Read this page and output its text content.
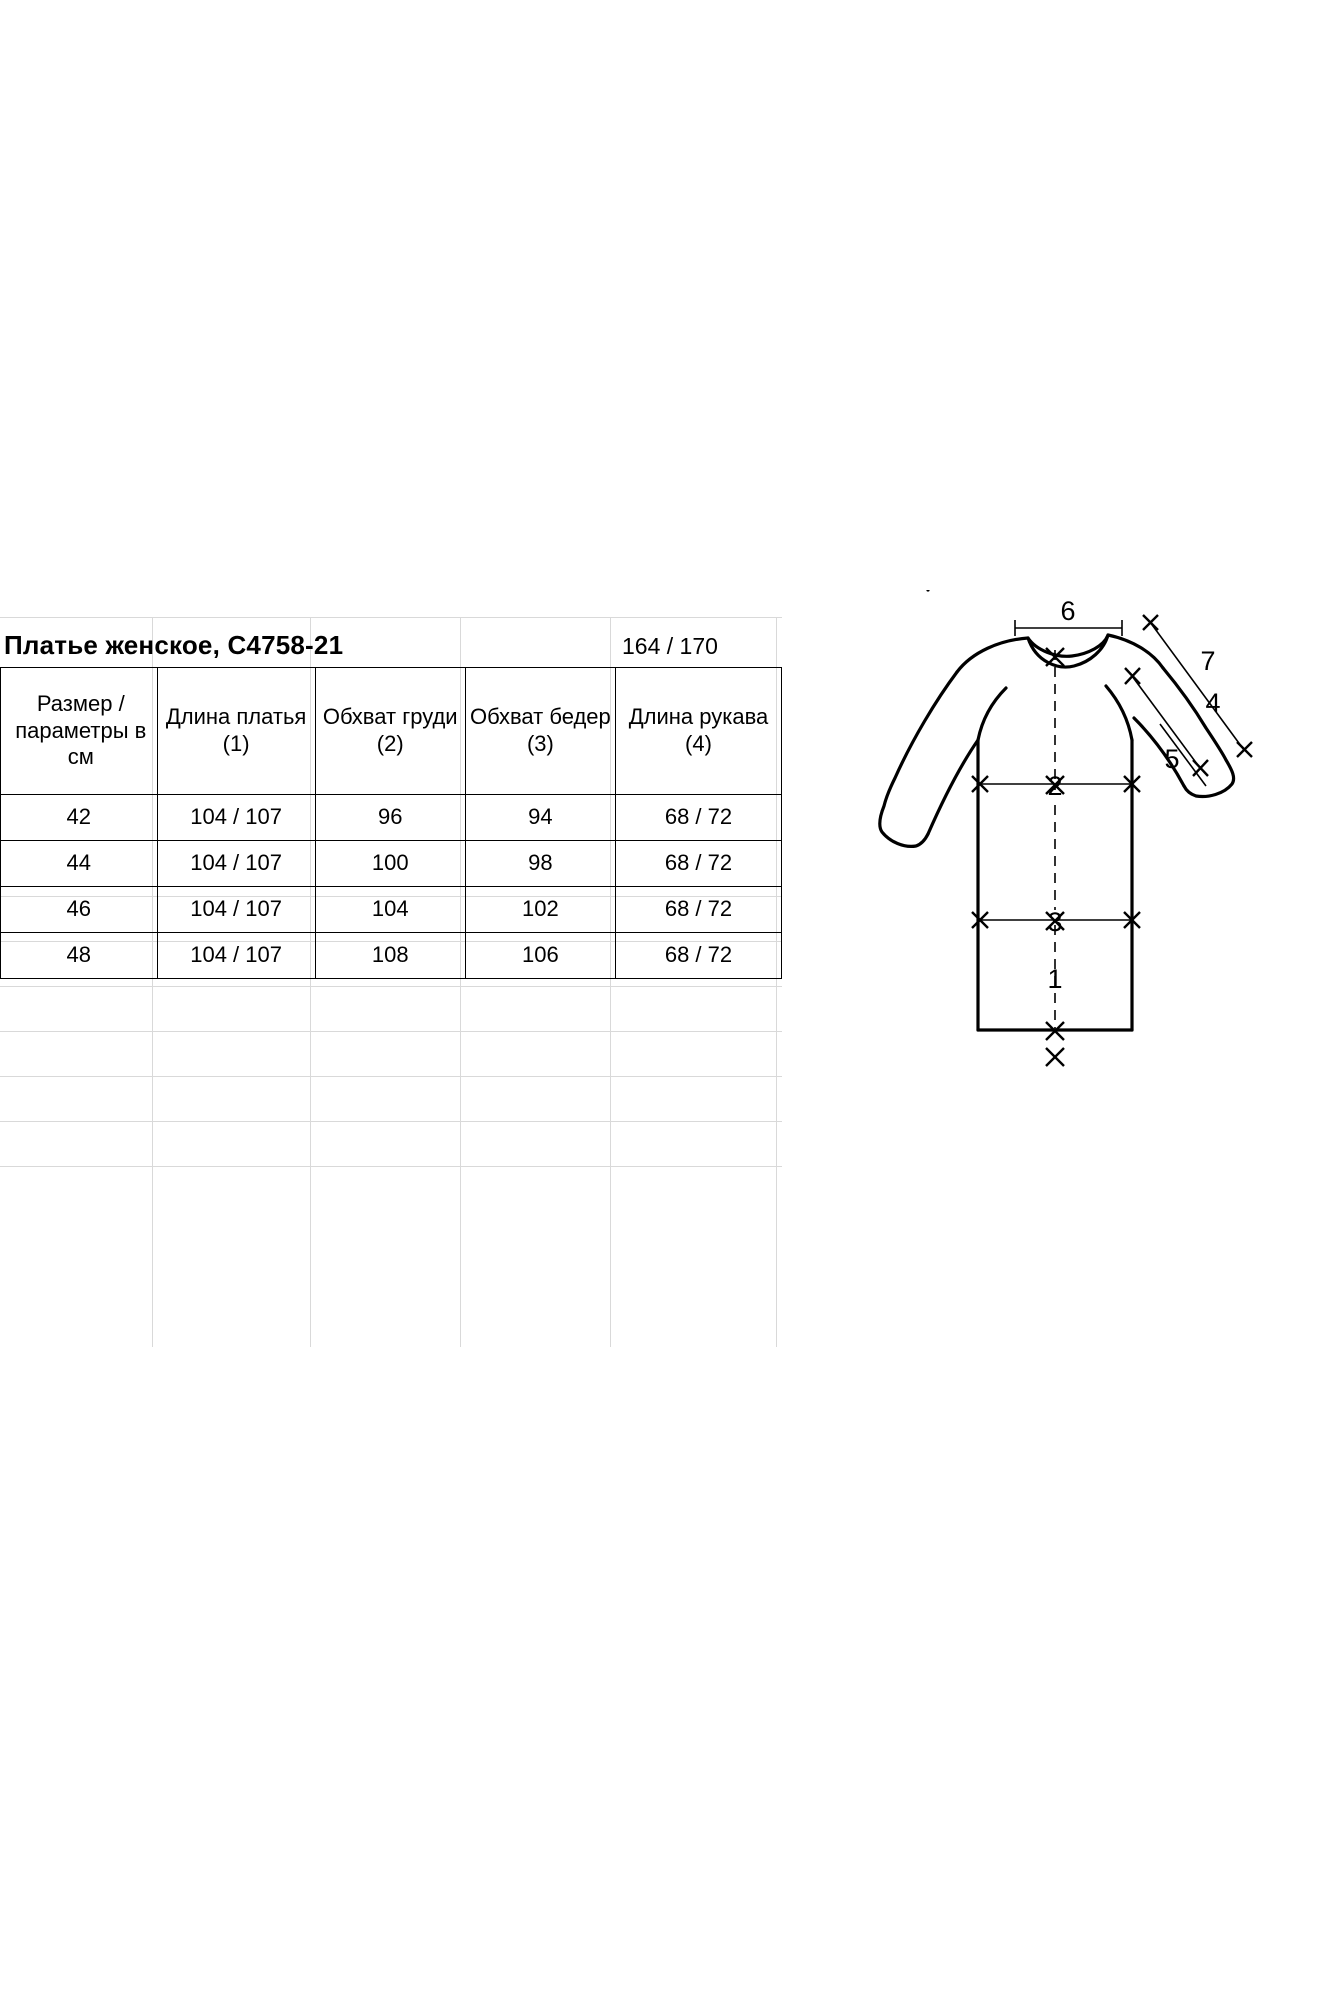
Платье женское, С4758-21	164 / 170
Размер / параметры в см	Длина платья (1)	Обхват груди (2)	Обхват бедер (3)	Длина рукава (4)
42	104 / 107	96	94	68 / 72
44	104 / 107	100	98	68 / 72
46	104 / 107	104	102	68 / 72
48	104 / 107	108	106	68 / 72
6
2
3
1
7
4
5
